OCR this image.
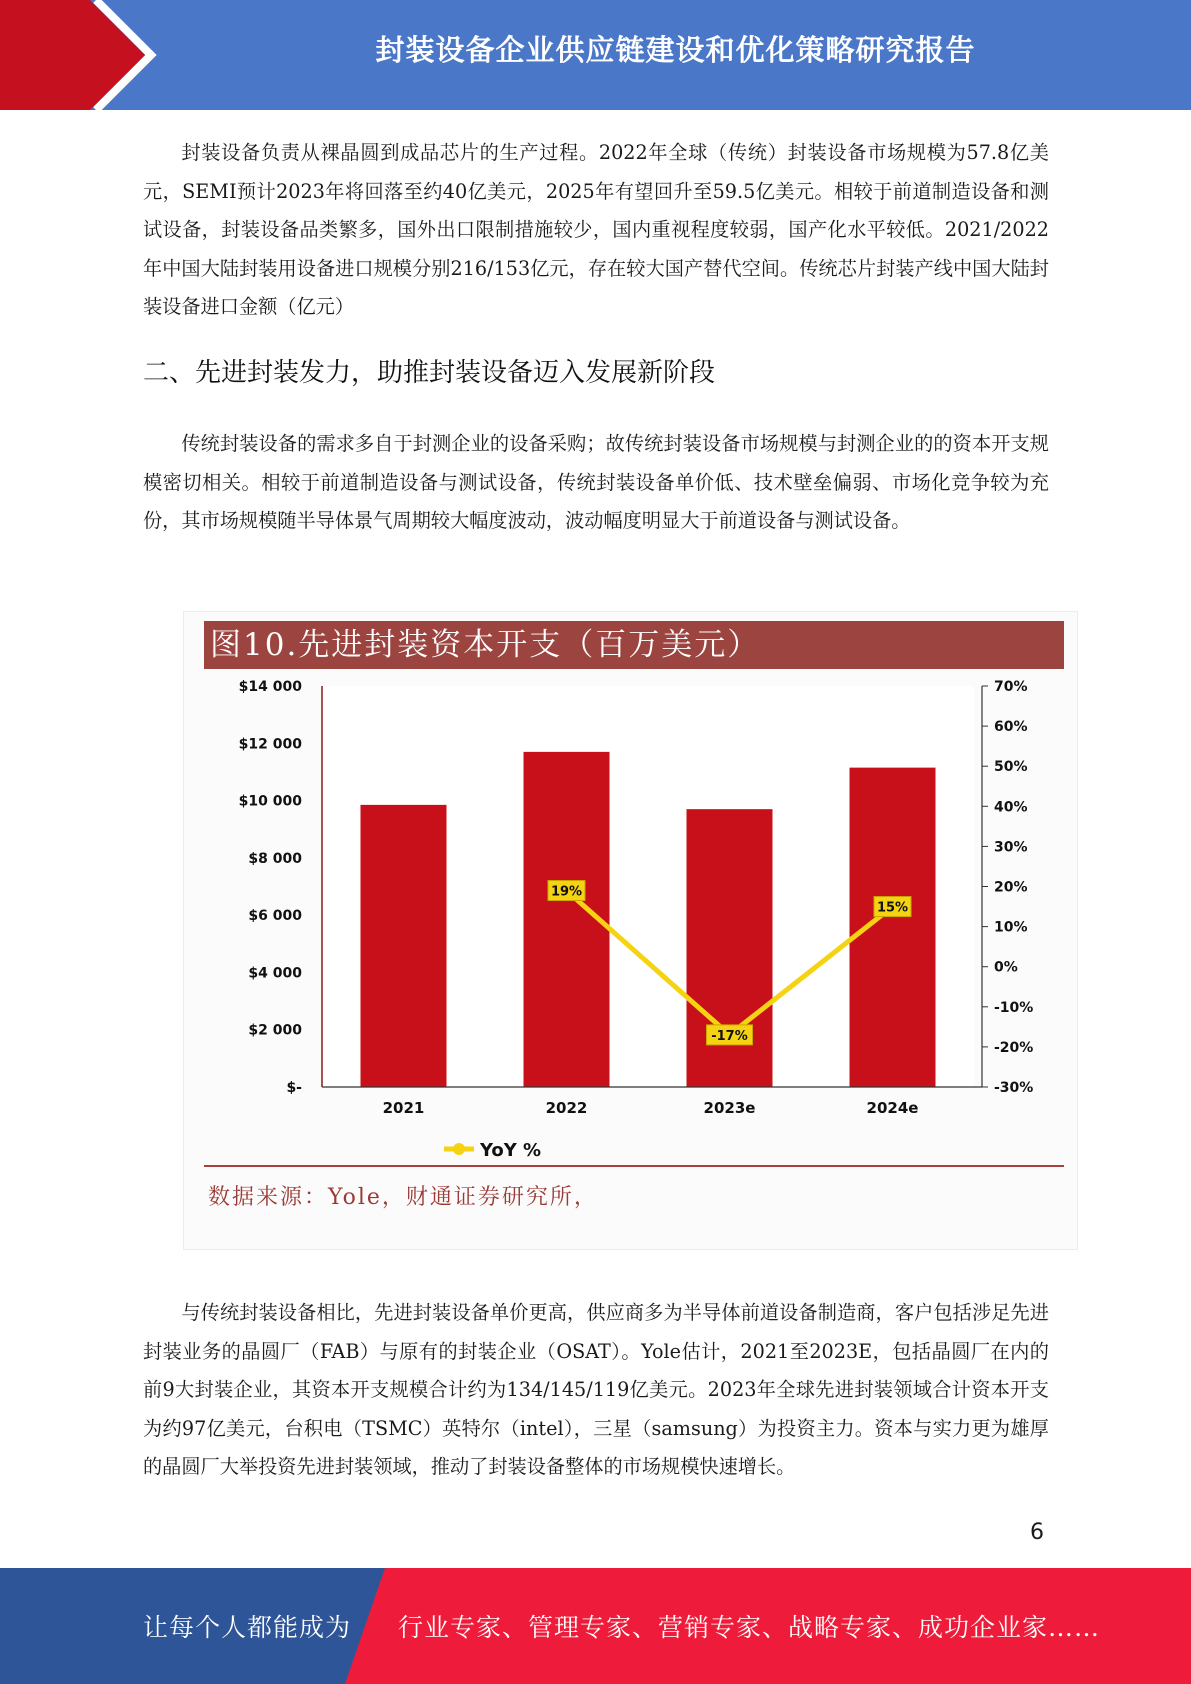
封装设备企业供应链建设和优化策略研究报告

封装设备负责从裸晶圆到成品芯片的生产过程。2022年全球（传统）封装设备市场规模为57.8亿美元，SEMI预计2023年将回落至约40亿美元，2025年有望回升至59.5亿美元。相较于前道制造设备和测试设备，封装设备品类繁多，国外出口限制措施较少，国内重视程度较弱，国产化水平较低。2021/2022年中国大陆封装用设备进口规模分别216/153亿元，存在较大国产替代空间。传统芯片封装产线中国大陆封装设备进口金额（亿元）

二、先进封装发力，助推封装设备迈入发展新阶段

传统封装设备的需求多自于封测企业的设备采购；故传统封装设备市场规模与封测企业的的资本开支规模密切相关。相较于前道制造设备与测试设备，传统封装设备单价低、技术壁垒偏弱、市场化竞争较为充份，其市场规模随半导体景气周期较大幅度波动，波动幅度明显大于前道设备与测试设备。

图10.先进封装资本开支（百万美元）
$-
$2 000
$4 000
$6 000
$8 000
$10 000
$12 000
$14 000
-30%
-20%
-10%
0%
10%
20%
30%
40%
50%
60%
70%
2021	2022	2023e	2024e
19%
-17%
15%
YoY %
数据来源：Yole，财通证券研究所，

与传统封装设备相比，先进封装设备单价更高，供应商多为半导体前道设备制造商，客户包括涉足先进封装业务的晶圆厂（FAB）与原有的封装企业（OSAT）。Yole估计，2021至2023E，包括晶圆厂在内的前9大封装企业，其资本开支规模合计约为134/145/119亿美元。2023年全球先进封装领域合计资本开支为约97亿美元，台积电（TSMC）英特尔（intel），三星（samsung）为投资主力。资本与实力更为雄厚的晶圆厂大举投资先进封装领域，推动了封装设备整体的市场规模快速增长。

6
让每个人都能成为 行业专家、管理专家、营销专家、战略专家、成功企业家……
